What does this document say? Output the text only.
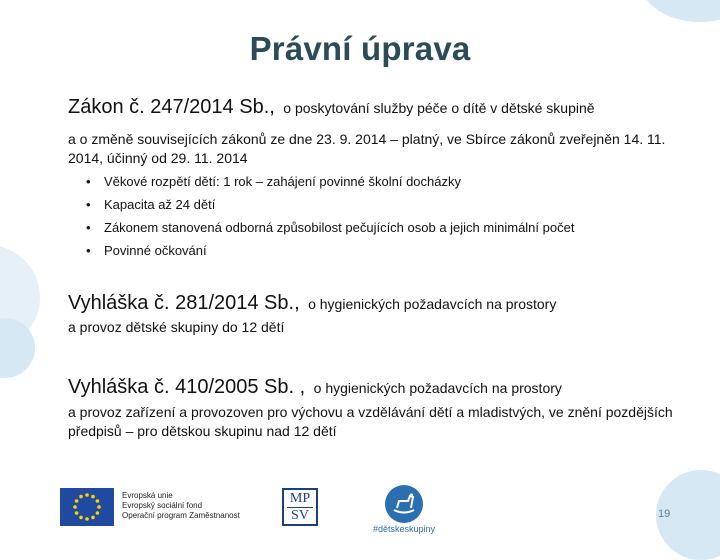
Právní úprava
Zákon č. 247/2014 Sb., o poskytování služby péče o dítě v dětské skupině
a o změně souvisejících zákonů ze dne 23. 9. 2014 – platný, ve Sbírce zákonů zveřejněn 14. 11. 2014, účinný od 29. 11. 2014
• Věkové rozpětí dětí: 1 rok – zahájení povinné školní docházky
• Kapacita až 24 dětí
• Zákonem stanovená odborná způsobilost pečujících osob a jejich minimální počet
• Povinné očkování
Vyhláška č. 281/2014 Sb., o hygienických požadavcích na prostory
a provoz dětské skupiny do 12 dětí
Vyhláška č. 410/2005 Sb. , o hygienických požadavcích na prostory
a provoz zařízení a provozoven pro výchovu a vzdělávání dětí a mladistvých, ve znění pozdějších předpisů – pro dětskou skupinu nad 12 dětí
Evropská unie
Evropský sociální fond
Operační program Zaměstnanost
MP
SV
#dětskeskupiny
19
